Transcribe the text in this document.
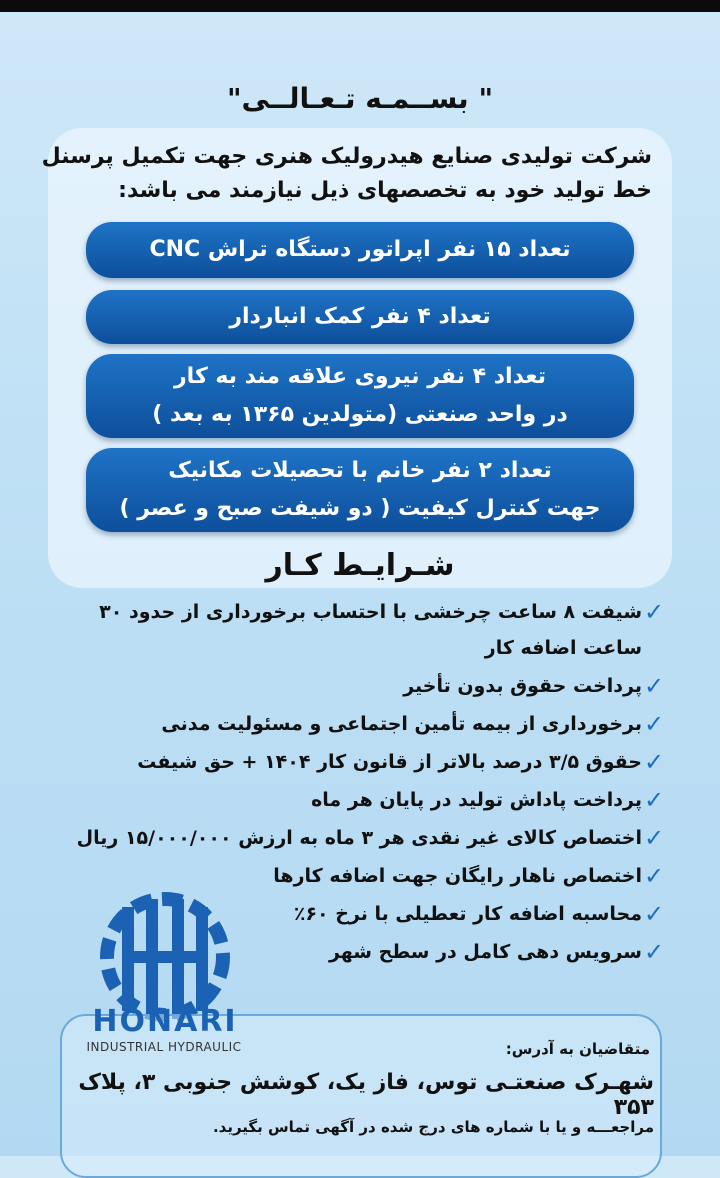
" بســمـه تـعـالــی"
شرکت تولیدی صنایع هیدرولیک هنری جهت تکمیل پرسنل خط تولید خود به تخصصهای ذیل نیازمند می باشد:
تعداد ۱۵ نفر اپراتور دستگاه تراش CNC
تعداد ۴ نفر کمک انباردار
تعداد ۴ نفر نیروی علاقه مند به کار
در واحد صنعتی (متولدین ۱۳۶۵ به بعد )
تعداد ۲ نفر خانم با تحصیلات مکانیک
جهت کنترل کیفیت ( دو شیفت صبح و عصر )
شـرایـط کـار
✓
شیفت ۸ ساعت چرخشی با احتساب برخورداری از حدود ۳۰ ساعت اضافه کار
✓
پرداخت حقوق بدون تأخیر
✓
برخورداری از بیمه تأمین اجتماعی و مسئولیت مدنی
✓
حقوق ۳/۵ درصد بالاتر از قانون کار ۱۴۰۴ + حق شیفت
✓
پرداخت پاداش تولید در پایان هر ماه
✓
اختصاص کالای غیر نقدی هر ۳ ماه به ارزش ۱۵/۰۰۰/۰۰۰ ریال
✓
اختصاص ناهار رایگان جهت اضافه کارها
✓
محاسبه اضافه کار تعطیلی با نرخ ۶۰٪
✓
سرویس دهی کامل در سطح شهر
HONARI
INDUSTRIAL HYDRAULIC	متقاضیان به آدرس:
شهـرک صنعتـی توس، فاز یک، کوشش جنوبی ۳، پلاک ۳۵۳
مراجعـــه و یا با شماره های درج شده در آگهی تماس بگیرید.
